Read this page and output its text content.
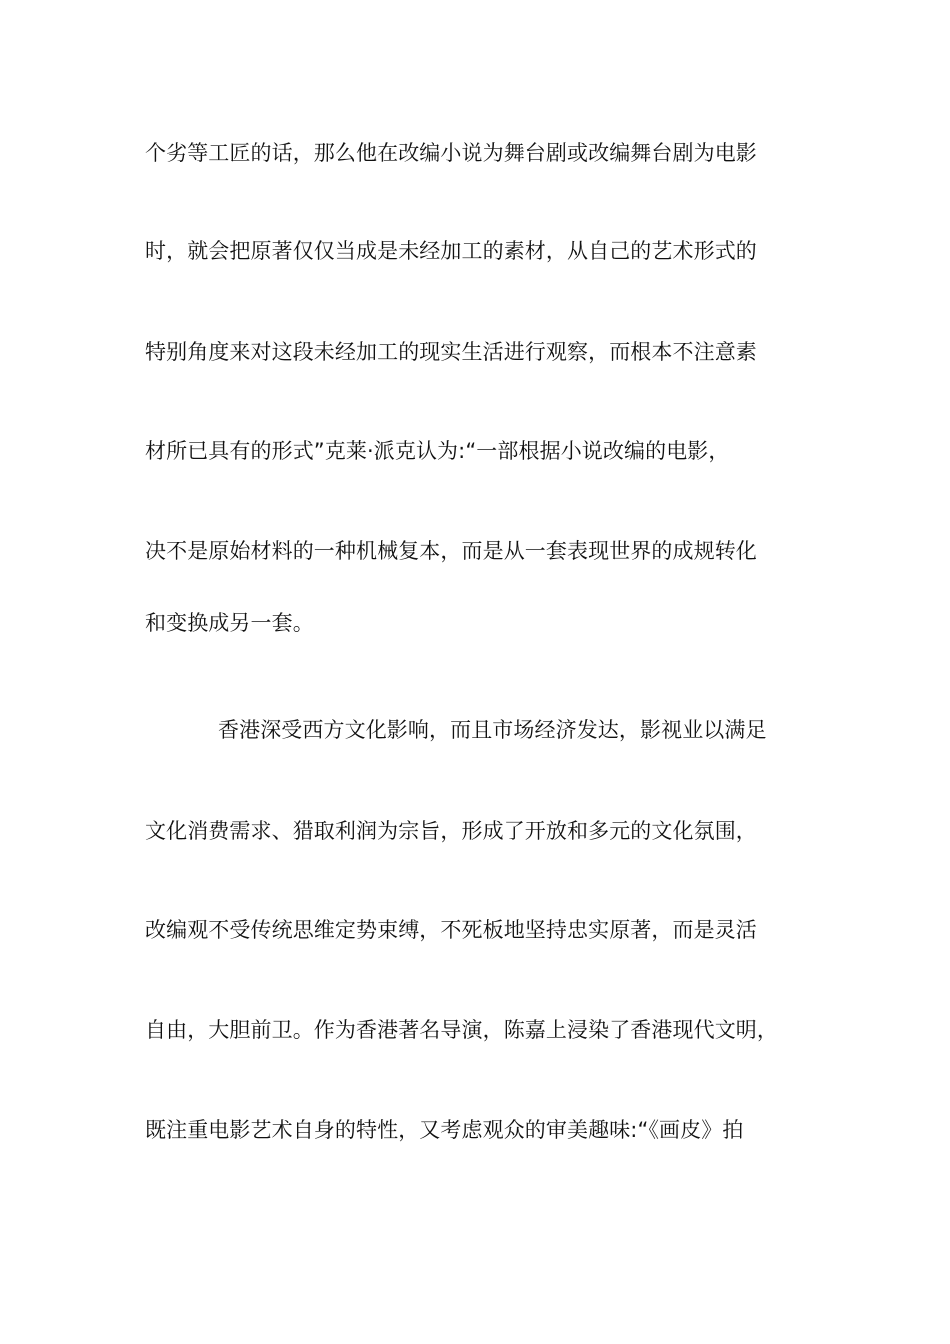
个劣等工匠的话，那么他在改编小说为舞台剧或改编舞台剧为电影
时，就会把原著仅仅当成是未经加工的素材，从自己的艺术形式的
特别角度来对这段未经加工的现实生活进行观察，而根本不注意素
材所已具有的形式”克莱·派克认为:“一部根据小说改编的电影，
决不是原始材料的一种机械复本，而是从一套表现世界的成规转化
和变换成另一套。
香港深受西方文化影响，而且市场经济发达，影视业以满足
文化消费需求、猎取利润为宗旨，形成了开放和多元的文化氛围，
改编观不受传统思维定势束缚，不死板地坚持忠实原著，而是灵活
自由，大胆前卫。作为香港著名导演，陈嘉上浸染了香港现代文明，
既注重电影艺术自身的特性，又考虑观众的审美趣味:“《画皮》拍
